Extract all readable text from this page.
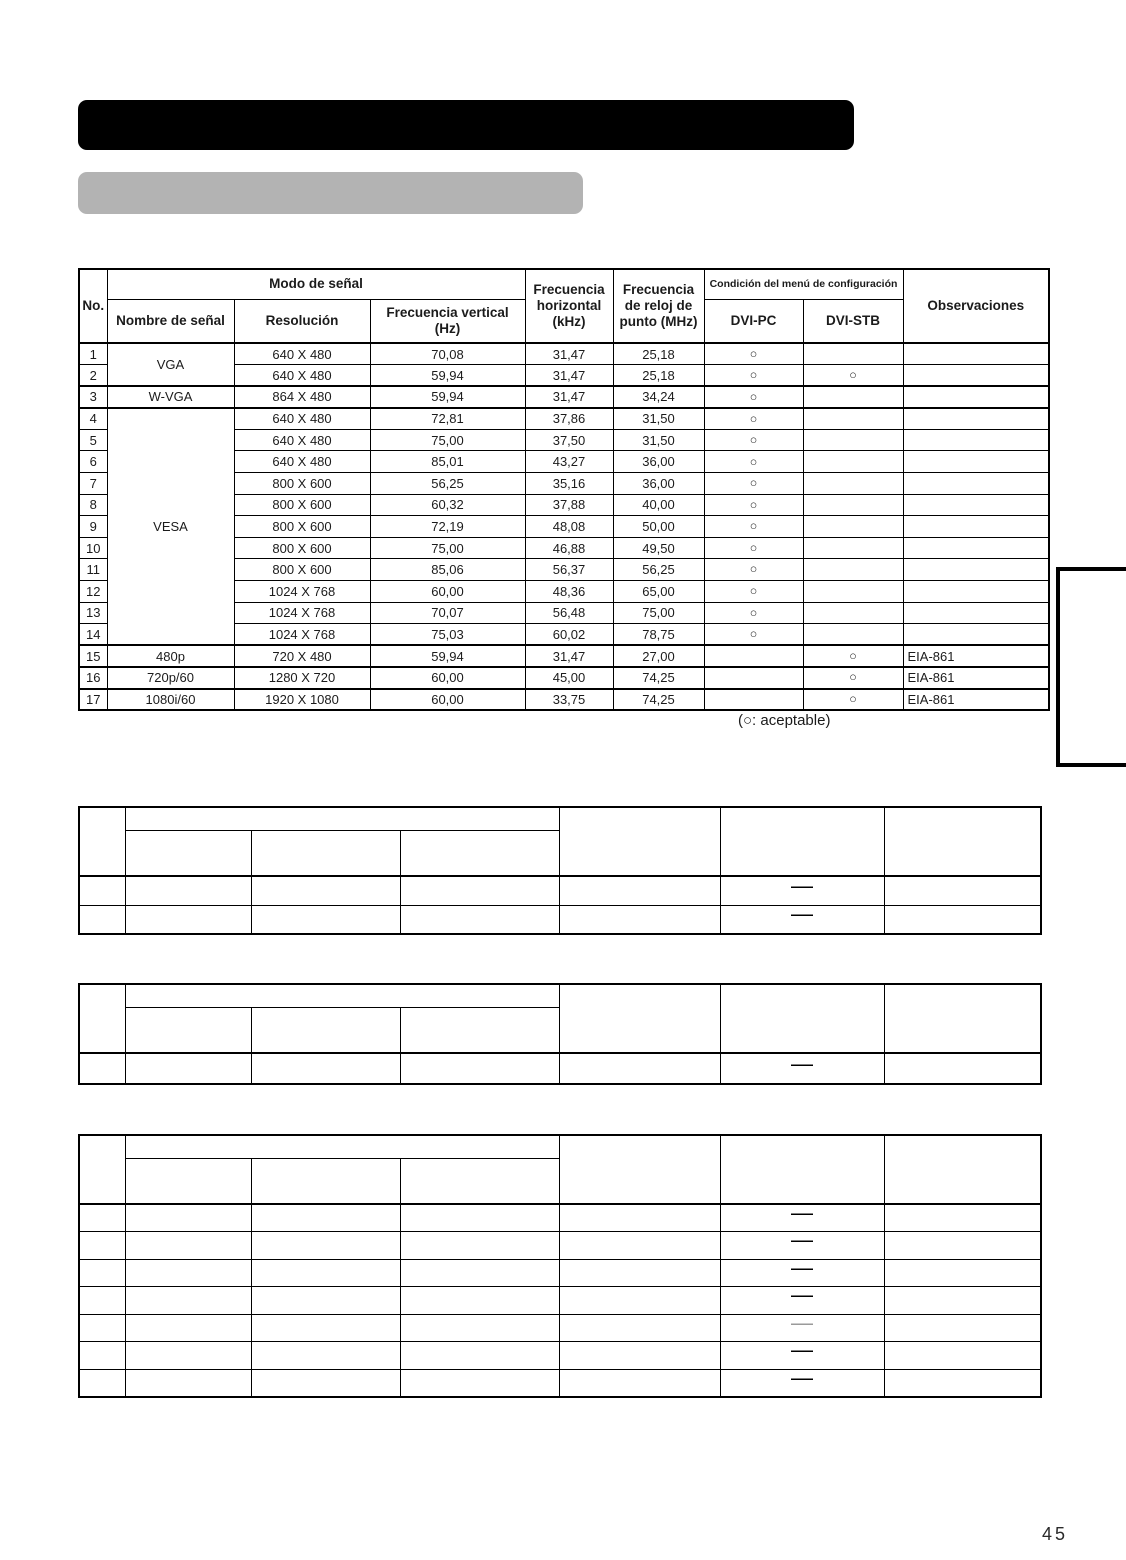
No.	Modo de señal			Frecuencia horizontal (kHz)	Frecuencia de reloj de punto (MHz)	Condición del menú de configuración		Observaciones
	Nombre de señal	Resolución	Frecuencia vertical (Hz)			DVI-PC	DVI-STB	
1	VGA	640 X 480	70,08	31,47	25,18	○		
2		640 X 480	59,94	31,47	25,18	○	○	
3	W-VGA	864 X 480	59,94	31,47	34,24	○		
4	VESA	640 X 480	72,81	37,86	31,50	○		
5		640 X 480	75,00	37,50	31,50	○		
6		640 X 480	85,01	43,27	36,00	○		
7		800 X 600	56,25	35,16	36,00	○		
8		800 X 600	60,32	37,88	40,00	○		
9		800 X 600	72,19	48,08	50,00	○		
10		800 X 600	75,00	46,88	49,50	○		
11		800 X 600	85,06	56,37	56,25	○		
12		1024 X 768	60,00	48,36	65,00	○		
13		1024 X 768	70,07	56,48	75,00	○		
14		1024 X 768	75,03	60,02	78,75	○		
15	480p	720 X 480	59,94	31,47	27,00		○	EIA-861
16	720p/60	1280 X 720	60,00	45,00	74,25		○	EIA-861
17	1080i/60	1920 X 1080	60,00	33,75	74,25		○	EIA-861
(○: aceptable)

					—	
					—	

					—	

					—	
					—	
					—	
					—	
					—	
					—	
					—	
45
